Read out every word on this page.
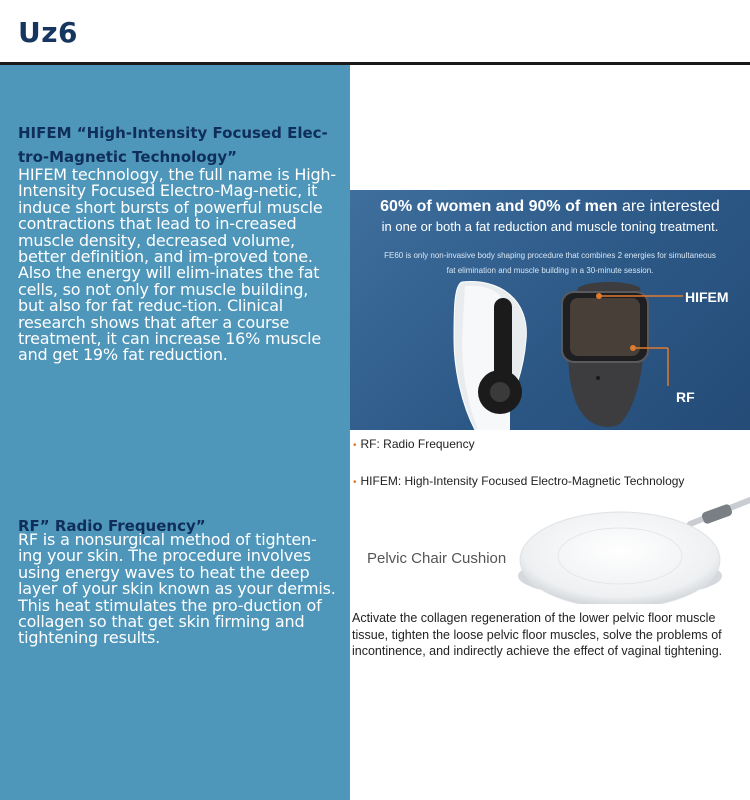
Uz6

HIFEM “High-Intensity Focused Elec-tro-Magnetic Technology”

HIFEM technology, the full name is High-Intensity Focused Electro-Mag-netic, it induce short bursts of powerful muscle contractions that lead to in-creased muscle density, decreased volume, better definition, and im-proved tone. Also the energy will elim-inates the fat cells, so not only for muscle building, but also for fat reduc-tion. Clinical research shows that after a course treatment, it can increase 16% muscle and get 19% fat reduction.

RF” Radio Frequency”

RF is a nonsurgical method of tighten-ing your skin. The procedure involves using energy waves to heat the deep layer of your skin known as your dermis. This heat stimulates the pro-duction of collagen so that get skin firming and tightening results.

60% of women and 90% of men are interested
in one or both a fat reduction and muscle toning treatment.
FE60 is only non-invasive body shaping procedure that combines 2 energies for simultaneous fat elimination and muscle building in a 30-minute session.
HIFEM
RF
• RF: Radio Frequency
• HIFEM: High-Intensity Focused Electro-Magnetic Technology
Pelvic Chair Cushion
Activate the collagen regeneration of the lower pelvic floor muscle tissue, tighten the loose pelvic floor muscles, solve the problems of incontinence, and indirectly achieve the effect of vaginal tightening.
